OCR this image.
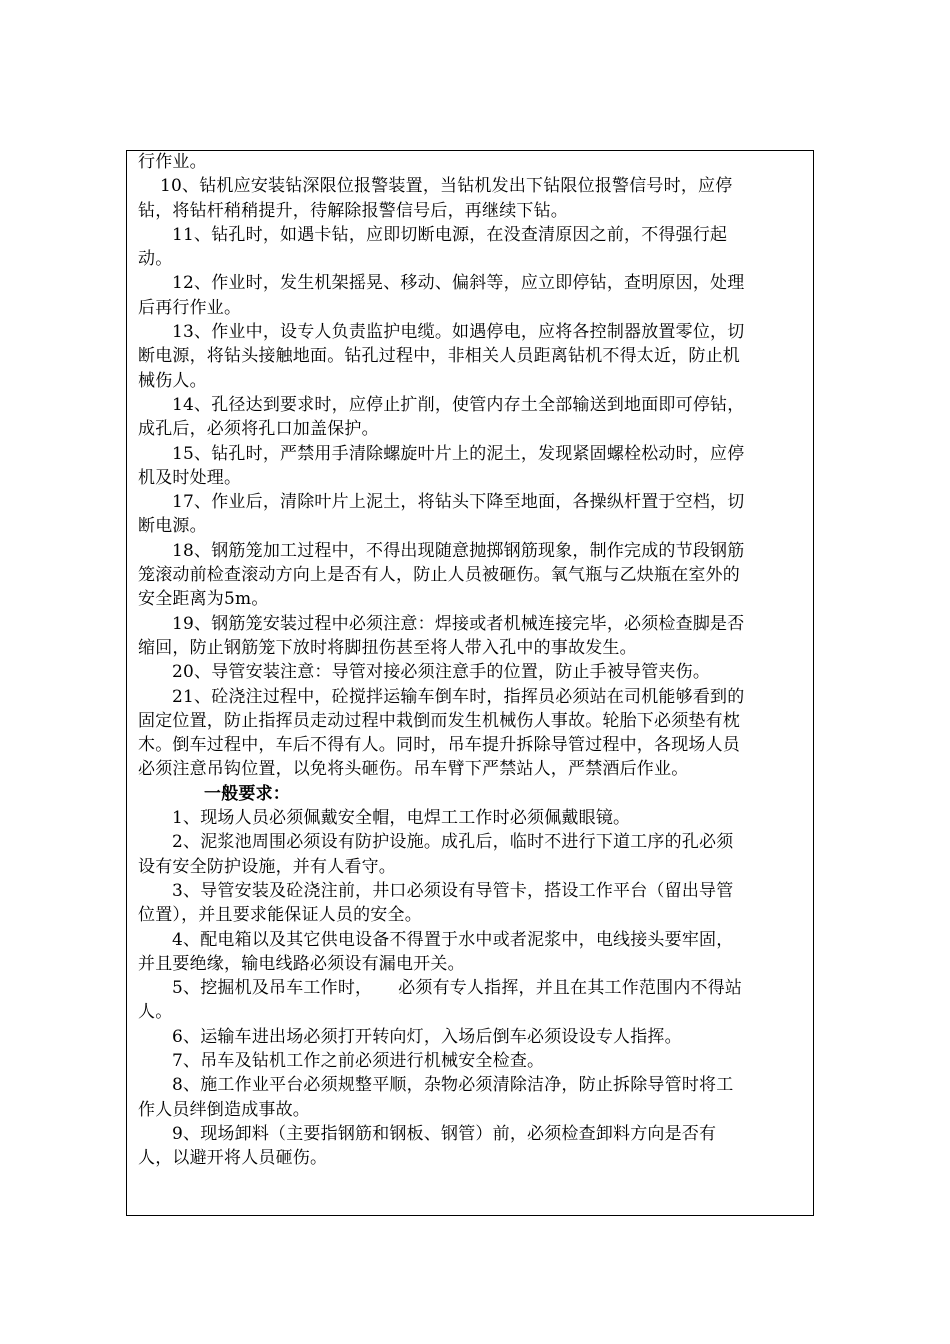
行作业。
10、钻机应安装钻深限位报警装置，当钻机发出下钻限位报警信号时，应停
钻，将钻杆稍稍提升，待解除报警信号后，再继续下钻。
11、钻孔时，如遇卡钻，应即切断电源，在没查清原因之前，不得强行起
动。
12、作业时，发生机架摇晃、移动、偏斜等，应立即停钻，查明原因，处理
后再行作业。
13、作业中，设专人负责监护电缆。如遇停电，应将各控制器放置零位，切
断电源，将钻头接触地面。钻孔过程中，非相关人员距离钻机不得太近，防止机
械伤人。
14、孔径达到要求时，应停止扩削，使管内存土全部输送到地面即可停钻，
成孔后，必须将孔口加盖保护。
15、钻孔时，严禁用手清除螺旋叶片上的泥土，发现紧固螺栓松动时，应停
机及时处理。
17、作业后，清除叶片上泥土，将钻头下降至地面，各操纵杆置于空档，切
断电源。
18、钢筋笼加工过程中，不得出现随意抛掷钢筋现象，制作完成的节段钢筋
笼滚动前检查滚动方向上是否有人，防止人员被砸伤。氧气瓶与乙炔瓶在室外的
安全距离为5m。
19、钢筋笼安装过程中必须注意：焊接或者机械连接完毕，必须检查脚是否
缩回，防止钢筋笼下放时将脚扭伤甚至将人带入孔中的事故发生。
20、导管安装注意：导管对接必须注意手的位置，防止手被导管夹伤。
21、砼浇注过程中，砼搅拌运输车倒车时，指挥员必须站在司机能够看到的
固定位置，防止指挥员走动过程中栽倒而发生机械伤人事故。轮胎下必须垫有枕
木。倒车过程中，车后不得有人。同时，吊车提升拆除导管过程中，各现场人员
必须注意吊钩位置，以免将头砸伤。吊车臂下严禁站人，严禁酒后作业。
一般要求：
1、现场人员必须佩戴安全帽，电焊工工作时必须佩戴眼镜。
2、泥浆池周围必须设有防护设施。成孔后，临时不进行下道工序的孔必须
设有安全防护设施，并有人看守。
3、导管安装及砼浇注前，井口必须设有导管卡，搭设工作平台（留出导管
位置），并且要求能保证人员的安全。
4、配电箱以及其它供电设备不得置于水中或者泥浆中，电线接头要牢固，
并且要绝缘，输电线路必须设有漏电开关。
5、挖掘机及吊车工作时，　　必须有专人指挥，并且在其工作范围内不得站
人。
6、运输车进出场必须打开转向灯，入场后倒车必须设设专人指挥。
7、吊车及钻机工作之前必须进行机械安全检查。
8、施工作业平台必须规整平顺，杂物必须清除洁净，防止拆除导管时将工
作人员绊倒造成事故。
9、现场卸料（主要指钢筋和钢板、钢管）前，必须检查卸料方向是否有
人，以避开将人员砸伤。
